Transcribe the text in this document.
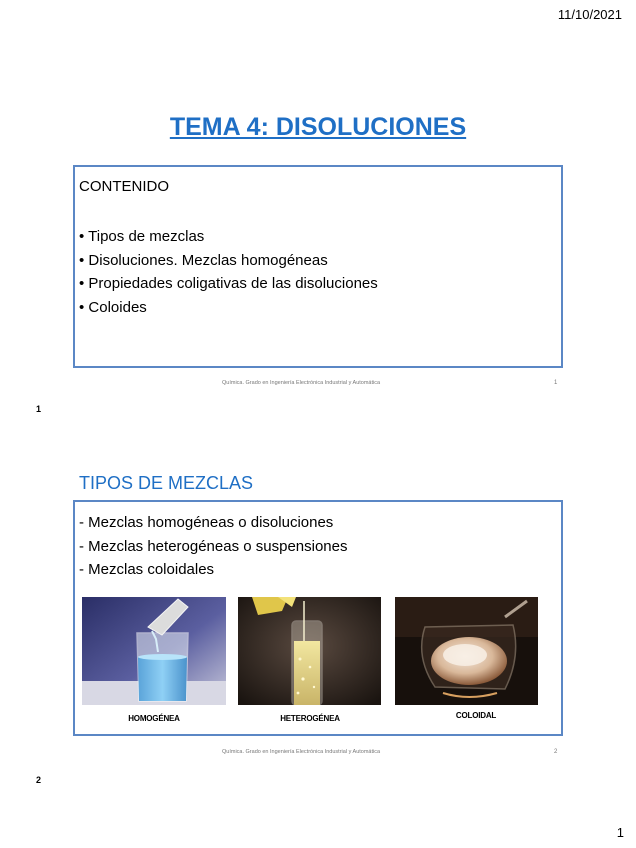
11/10/2021
TEMA 4: DISOLUCIONES
CONTENIDO
• Tipos de mezclas
• Disoluciones. Mezclas homogéneas
• Propiedades coligativas de las disoluciones
• Coloides
Química. Grado en Ingeniería Electrónica Industrial y Automática	1
1
TIPOS DE MEZCLAS
- Mezclas homogéneas o disoluciones
- Mezclas heterogéneas o suspensiones
- Mezclas coloidales
HOMOGÉNEA	HETEROGÉNEA	COLOIDAL
Química. Grado en Ingeniería Electrónica Industrial y Automática	2
2
1
